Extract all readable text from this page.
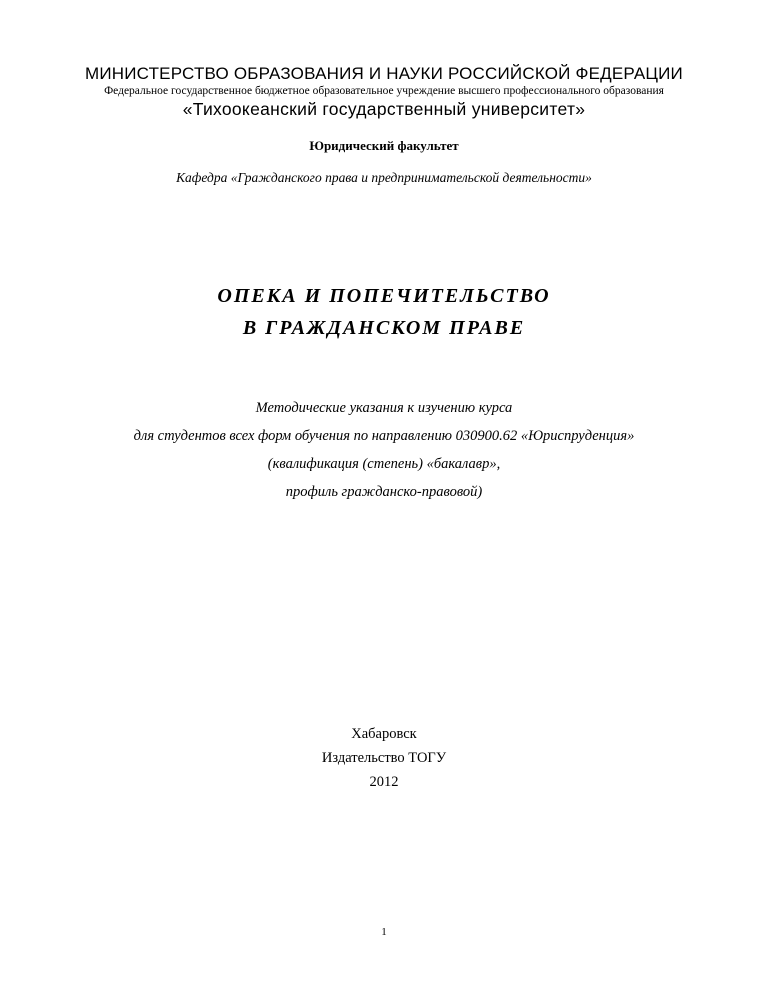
МИНИСТЕРСТВО ОБРАЗОВАНИЯ И НАУКИ РОССИЙСКОЙ ФЕДЕРАЦИИ
Федеральное государственное бюджетное образовательное учреждение высшего профессионального образования
«Тихоокеанский государственный университет»
Юридический факультет
Кафедра «Гражданского права и предпринимательской деятельности»
ОПЕКА И ПОПЕЧИТЕЛЬСТВО
В ГРАЖДАНСКОМ ПРАВЕ
Методические указания к изучению курса
для студентов всех форм обучения по направлению 030900.62 «Юриспруденция»
(квалификация (степень) «бакалавр»,
профиль гражданско-правовой)
Хабаровск
Издательство ТОГУ
2012
1
